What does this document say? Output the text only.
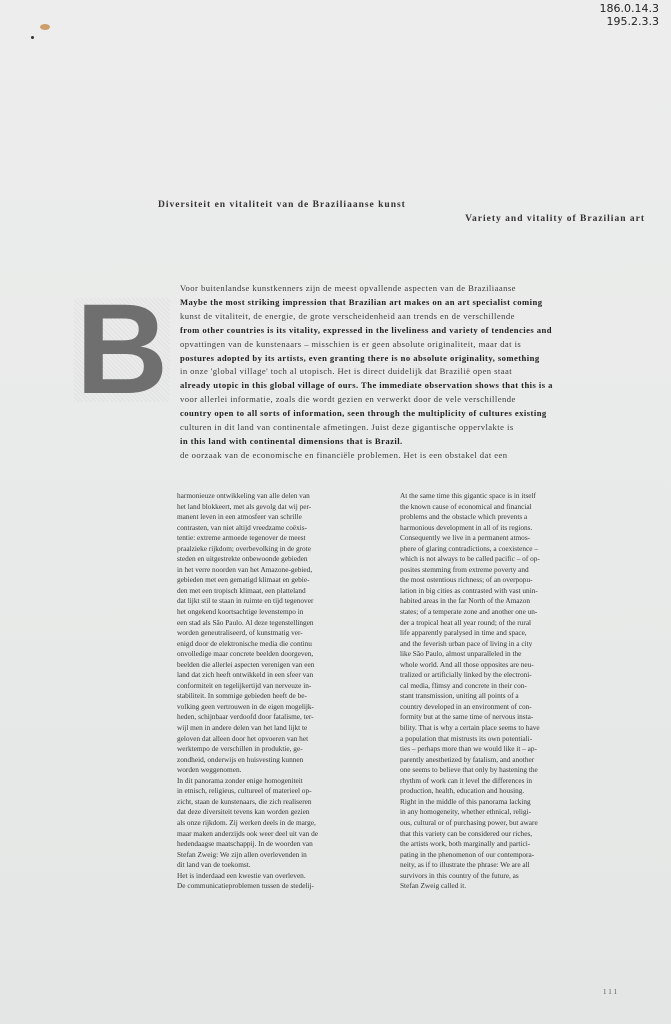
186.0.14.3
195.2.3.3
Diversiteit en vitaliteit van de Braziliaanse kunst
Variety and vitality of Brazilian art
B Voor buitenlandse kunstkenners zijn de meest opvallende aspecten van de Braziliaanse
Maybe the most striking impression that Brazilian art makes on an art specialist coming
kunst de vitaliteit, de energie, de grote verscheidenheid aan trends en de verschillende
from other countries is its vitality, expressed in the liveliness and variety of tendencies and
opvattingen van de kunstenaars – misschien is er geen absolute originaliteit, maar dat is
postures adopted by its artists, even granting there is no absolute originality, something
in onze 'global village' toch al utopisch. Het is direct duidelijk dat Brazilië open staat
already utopic in this global village of ours. The immediate observation shows that this is a
voor allerlei informatie, zoals die wordt gezien en verwerkt door de vele verschillende
country open to all sorts of information, seen through the multiplicity of cultures existing
culturen in dit land van continentale afmetingen. Juist deze gigantische oppervlakte is
in this land with continental dimensions that is Brazil.
de oorzaak van de economische en financiële problemen. Het is een obstakel dat een
harmonieuze ontwikkeling van alle delen van
het land blokkeert, met als gevolg dat wij per-
manent leven in een atmosfeer van schrille
contrasten, van niet altijd vreedzame coëxis-
tentie: extreme armoede tegenover de meest
praalzieke rijkdom; overbevolking in de grote
steden en uitgestrekte onbewoonde gebieden
in het verre noorden van het Amazone-gebied,
gebieden met een gematigd klimaat en gebie-
den met een tropisch klimaat, een platteland
dat lijkt stil te staan in ruimte en tijd tegenover
het ongekend koortsachtige levenstempo in
een stad als São Paulo. Al deze tegenstellingen
worden geneutraliseerd, of kunstmatig ver-
enigd door de elektronische media die continu
onvolledige maar concrete beelden doorgeven,
beelden die allerlei aspecten verenigen van een
land dat zich heeft ontwikkeld in een sfeer van
conformiteit en tegelijkertijd van nerveuze in-
stabiliteit. In sommige gebieden heeft de be-
volking geen vertrouwen in de eigen mogelijk-
heden, schijnbaar verdoofd door fatalisme, ter-
wijl men in andere delen van het land lijkt te
geloven dat alleen door het opvoeren van het
werktempo de verschillen in produktie, ge-
zondheid, onderwijs en huisvesting kunnen
worden weggenomen.
In dit panorama zonder enige homogeniteit
in etnisch, religieus, cultureel of materieel op-
zicht, staan de kunstenaars, die zich realiseren
dat deze diversiteit tevens kan worden gezien
als onze rijkdom. Zij werken deels in de marge,
maar maken anderzijds ook weer deel uit van de
hedendaagse maatschappij. In de woorden van
Stefan Zweig: We zijn allen overlevenden in
dit land van de toekomst.
Het is inderdaad een kwestie van overleven.
De communicatieproblemen tussen de stedelij-
At the same time this gigantic space is in itself
the known cause of economical and financial
problems and the obstacle which prevents a
harmonious development in all of its regions.
Consequently we live in a permanent atmos-
phere of glaring contradictions, a coexistence –
which is not always to be called pacific – of op-
posites stemming from extreme poverty and
the most ostentious richness; of an overpopu-
lation in big cities as contrasted with vast unin-
habited areas in the far North of the Amazon
states; of a temperate zone and another one un-
der a tropical heat all year round; of the rural
life apparently paralysed in time and space,
and the feverish urban pace of living in a city
like São Paulo, almost unparalleled in the
whole world. And all those opposites are neu-
tralized or artificially linked by the electroni-
cal media, flimsy and concrete in their con-
stant transmission, uniting all points of a
country developed in an environment of con-
formity but at the same time of nervous insta-
bility. That is why a certain place seems to have
a population that mistrusts its own potentiali-
ties – perhaps more than we would like it – ap-
parently anesthetized by fatalism, and another
one seems to believe that only by hastening the
rhythm of work can it level the differences in
production, health, education and housing.
Right in the middle of this panorama lacking
in any homogeneity, whether ethnical, religi-
ous, cultural or of purchasing power, but aware
that this variety can be considered our riches,
the artists work, both marginally and partici-
pating in the phenomenon of our contempora-
neity, as if to illustrate the phrase: We are all
survivors in this country of the future, as
Stefan Zweig called it.
111
